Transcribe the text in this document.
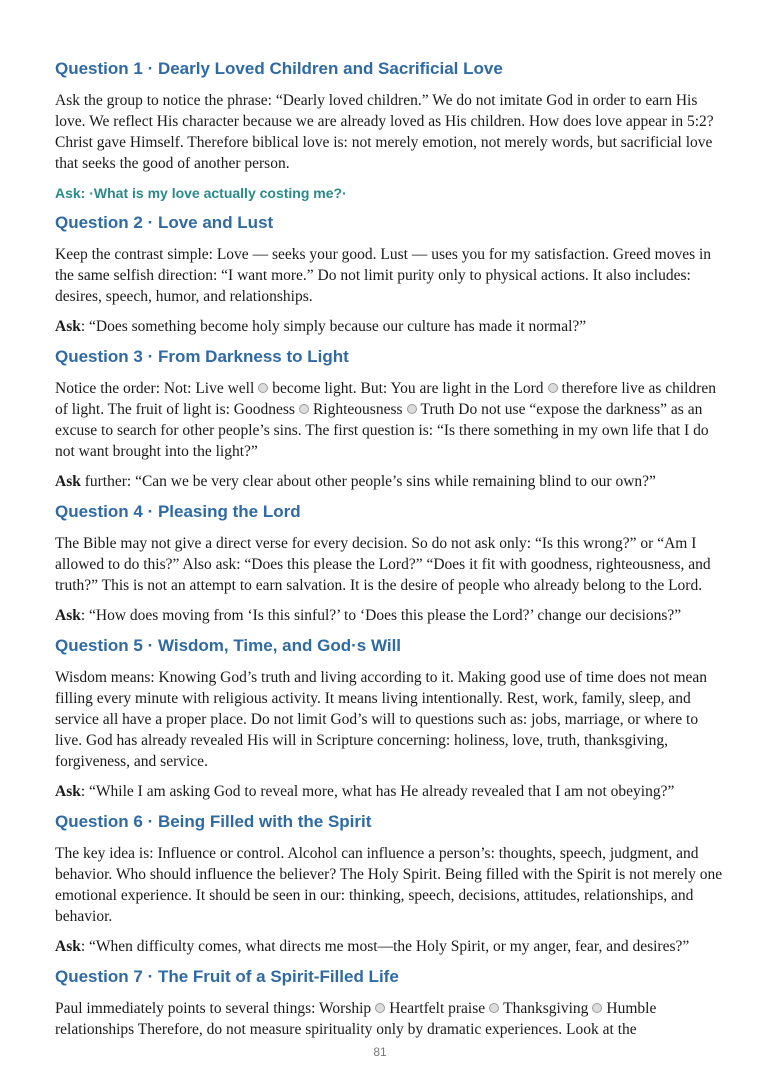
Question 1 · Dearly Loved Children and Sacrificial Love

Ask the group to notice the phrase: “Dearly loved children.” We do not imitate God in order to earn His love. We reflect His character because we are already loved as His children. How does love appear in 5:2? Christ gave Himself. Therefore biblical love is: not merely emotion, not merely words, but sacrificial love that seeks the good of another person.

Ask: ·What is my love actually costing me?·
Question 2 · Love and Lust

Keep the contrast simple: Love — seeks your good. Lust — uses you for my satisfaction. Greed moves in the same selfish direction: “I want more.” Do not limit purity only to physical actions. It also includes: desires, speech, humor, and relationships.

Ask: “Does something become holy simply because our culture has made it normal?”

Question 3 · From Darkness to Light

Notice the order: Not: Live well become light. But: You are light in the Lord therefore live as children of light. The fruit of light is: Goodness Righteousness Truth Do not use “expose the darkness” as an excuse to search for other people’s sins. The first question is: “Is there something in my own life that I do not want brought into the light?”

Ask further: “Can we be very clear about other people’s sins while remaining blind to our own?”

Question 4 · Pleasing the Lord

The Bible may not give a direct verse for every decision. So do not ask only: “Is this wrong?” or “Am I allowed to do this?” Also ask: “Does this please the Lord?” “Does it fit with goodness, righteousness, and truth?” This is not an attempt to earn salvation. It is the desire of people who already belong to the Lord.

Ask: “How does moving from ‘Is this sinful?’ to ‘Does this please the Lord?’ change our decisions?”

Question 5 · Wisdom, Time, and God·s Will

Wisdom means: Knowing God’s truth and living according to it. Making good use of time does not mean filling every minute with religious activity. It means living intentionally. Rest, work, family, sleep, and service all have a proper place. Do not limit God’s will to questions such as: jobs, marriage, or where to live. God has already revealed His will in Scripture concerning: holiness, love, truth, thanksgiving, forgiveness, and service.

Ask: “While I am asking God to reveal more, what has He already revealed that I am not obeying?”

Question 6 · Being Filled with the Spirit

The key idea is: Influence or control. Alcohol can influence a person’s: thoughts, speech, judgment, and behavior. Who should influence the believer? The Holy Spirit. Being filled with the Spirit is not merely one emotional experience. It should be seen in our: thinking, speech, decisions, attitudes, relationships, and behavior.

Ask: “When difficulty comes, what directs me most—the Holy Spirit, or my anger, fear, and desires?”

Question 7 · The Fruit of a Spirit-Filled Life

Paul immediately points to several things: Worship Heartfelt praise Thanksgiving Humble relationships Therefore, do not measure spirituality only by dramatic experiences. Look at the

81
